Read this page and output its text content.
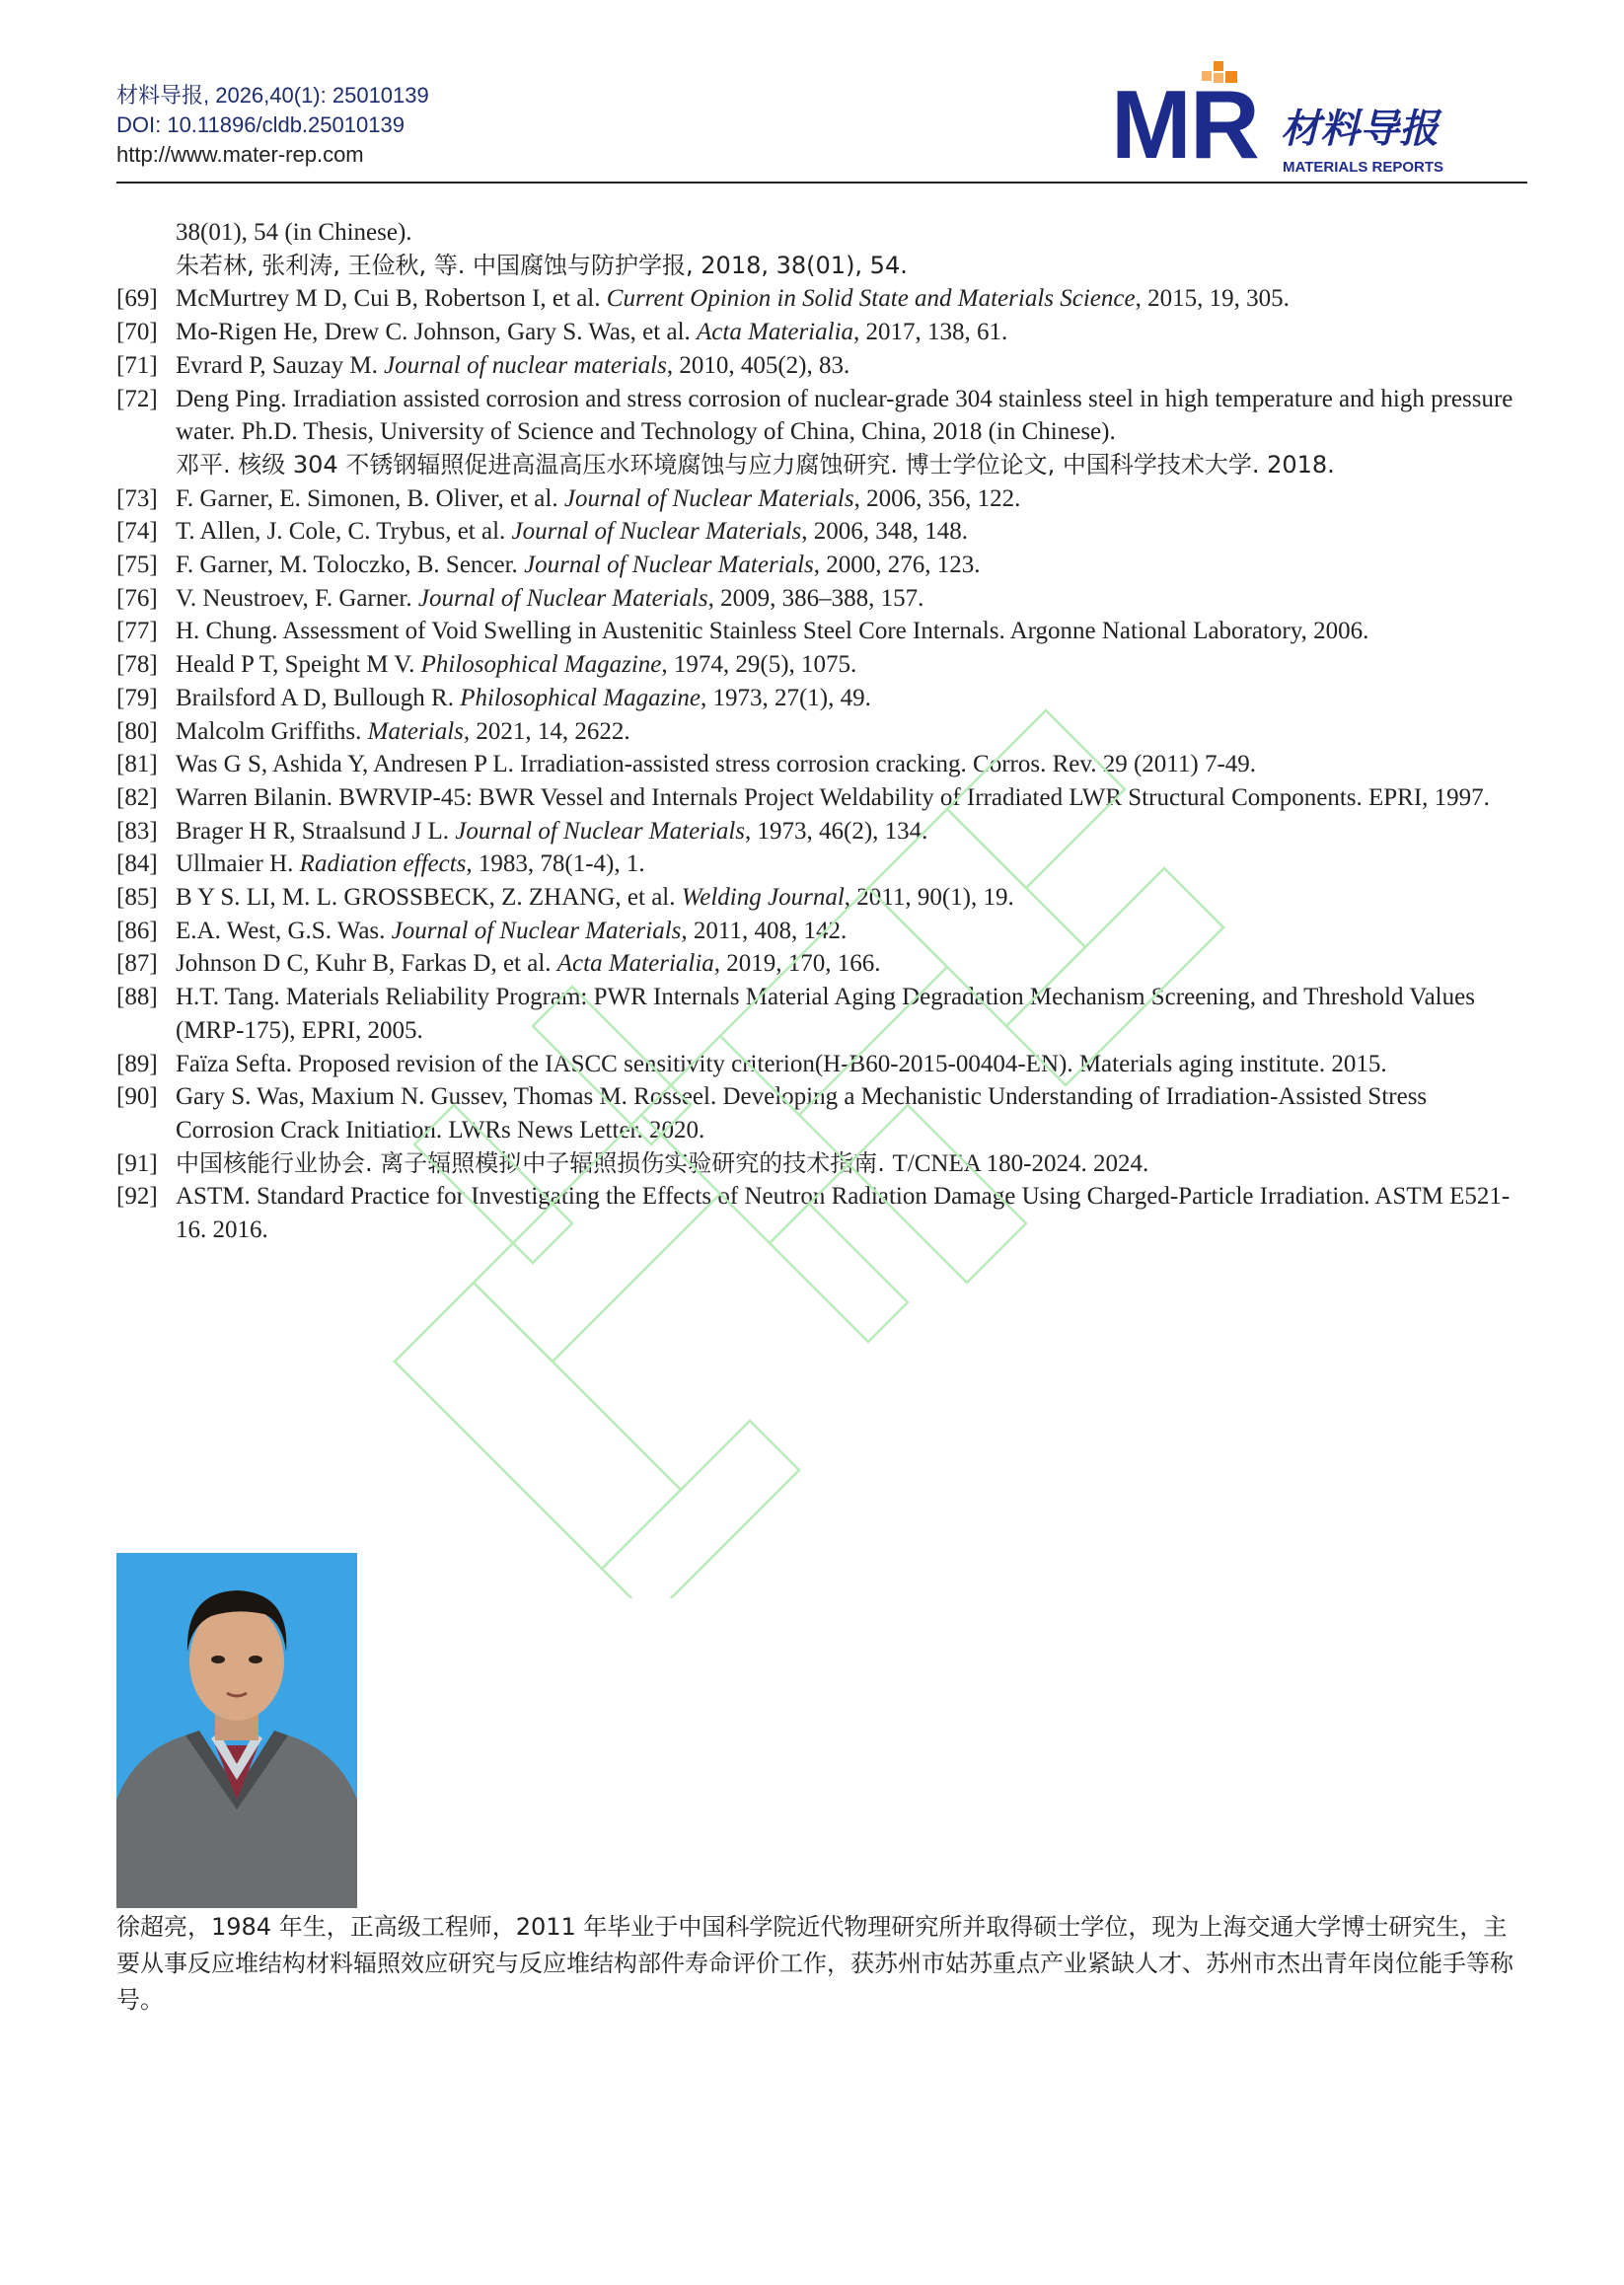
材料导报, 2026,40(1): 25010139
DOI: 10.11896/cldb.25010139
http://www.mater-rep.com	M
R 材料导报
MATERIALS REPORTS
38(01), 54 (in Chinese).
朱若林, 张利涛, 王俭秋, 等. 中国腐蚀与防护学报, 2018, 38(01), 54.
[69] McMurtrey M D, Cui B, Robertson I, et al. Current Opinion in Solid State and Materials Science, 2015, 19, 305.
[70] Mo-Rigen He, Drew C. Johnson, Gary S. Was, et al. Acta Materialia, 2017, 138, 61.
[71] Evrard P, Sauzay M. Journal of nuclear materials, 2010, 405(2), 83.
[72] Deng Ping. Irradiation assisted corrosion and stress corrosion of nuclear-grade 304 stainless steel in high temperature and high pressure water. Ph.D. Thesis, University of Science and Technology of China, China, 2018 (in Chinese).
邓平. 核级 304 不锈钢辐照促进高温高压水环境腐蚀与应力腐蚀研究. 博士学位论文, 中国科学技术大学. 2018.
[73] F. Garner, E. Simonen, B. Oliver, et al. Journal of Nuclear Materials, 2006, 356, 122.
[74] T. Allen, J. Cole, C. Trybus, et al. Journal of Nuclear Materials, 2006, 348, 148.
[75] F. Garner, M. Toloczko, B. Sencer. Journal of Nuclear Materials, 2000, 276, 123.
[76] V. Neustroev, F. Garner. Journal of Nuclear Materials, 2009, 386–388, 157.
[77] H. Chung. Assessment of Void Swelling in Austenitic Stainless Steel Core Internals. Argonne National Laboratory, 2006.
[78] Heald P T, Speight M V. Philosophical Magazine, 1974, 29(5), 1075.
[79] Brailsford A D, Bullough R. Philosophical Magazine, 1973, 27(1), 49.
[80] Malcolm Griffiths. Materials, 2021, 14, 2622.
[81] Was G S, Ashida Y, Andresen P L. Irradiation-assisted stress corrosion cracking. Corros. Rev. 29 (2011) 7-49.
[82] Warren Bilanin. BWRVIP-45: BWR Vessel and Internals Project Weldability of Irradiated LWR Structural Components. EPRI, 1997.
[83] Brager H R, Straalsund J L. Journal of Nuclear Materials, 1973, 46(2), 134.
[84] Ullmaier H. Radiation effects, 1983, 78(1-4), 1.
[85] B Y S. LI, M. L. GROSSBECK, Z. ZHANG, et al. Welding Journal, 2011, 90(1), 19.
[86] E.A. West, G.S. Was. Journal of Nuclear Materials, 2011, 408, 142.
[87] Johnson D C, Kuhr B, Farkas D, et al. Acta Materialia, 2019, 170, 166.
[88] H.T. Tang. Materials Reliability Program: PWR Internals Material Aging Degradation Mechanism Screening, and Threshold Values (MRP-175), EPRI, 2005.
[89] Faïza Sefta. Proposed revision of the IASCC sensitivity criterion(H-B60-2015-00404-EN). Materials aging institute. 2015.
[90] Gary S. Was, Maxium N. Gussev, Thomas M. Rosseel. Developing a Mechanistic Understanding of Irradiation-Assisted Stress Corrosion Crack Initiation. LWRs News Letter. 2020.
[91] 中国核能行业协会. 离子辐照模拟中子辐照损伤实验研究的技术指南. T/CNEA 180-2024. 2024.
[92] ASTM. Standard Practice for Investigating the Effects of Neutron Radiation Damage Using Charged-Particle Irradiation. ASTM E521-16. 2016.
徐超亮，1984 年生，正高级工程师，2011 年毕业于中国科学院近代物理研究所并取得硕士学位，现为上海交通大学博士研究生，主要从事反应堆结构材料辐照效应研究与反应堆结构部件寿命评价工作，获苏州市姑苏重点产业紧缺人才、苏州市杰出青年岗位能手等称号。
